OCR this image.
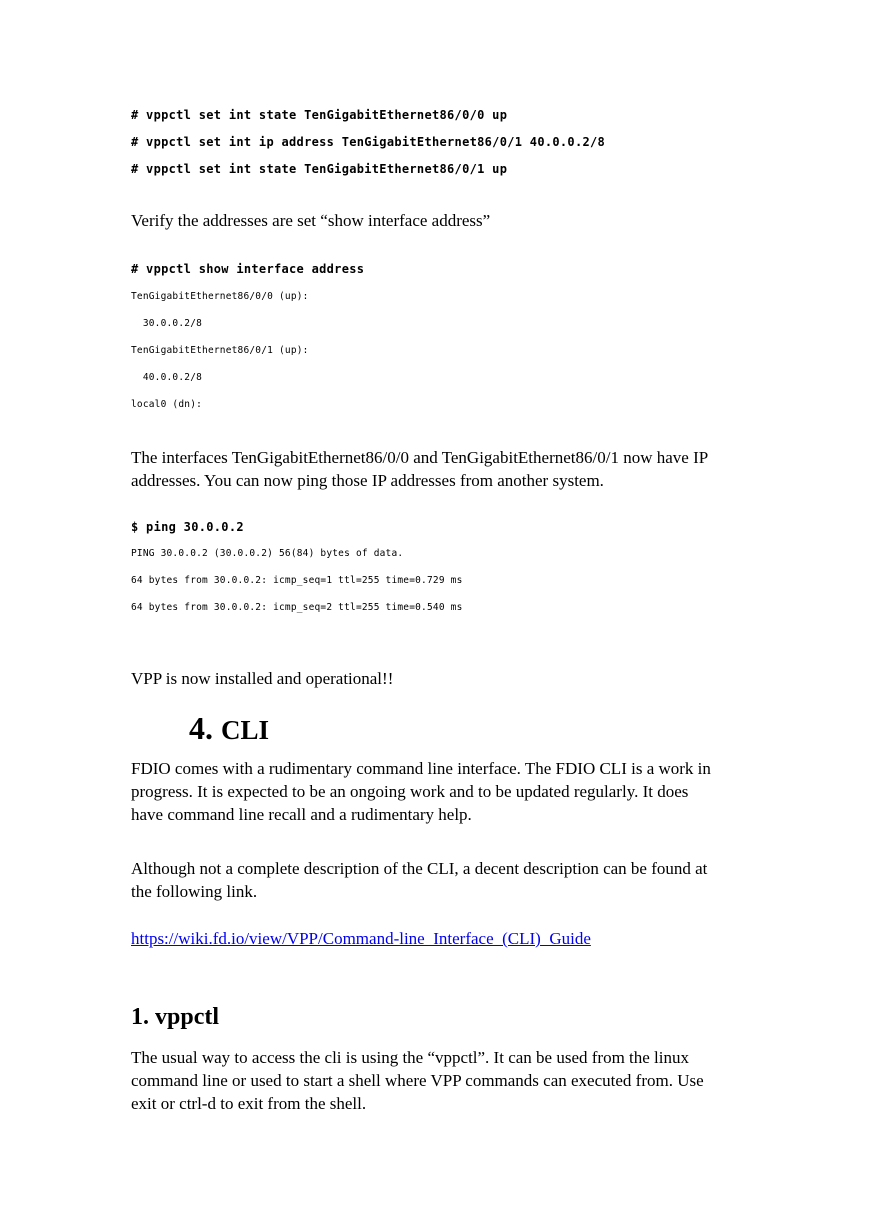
# vppctl set int state TenGigabitEthernet86/0/0 up
# vppctl set int ip address TenGigabitEthernet86/0/1 40.0.0.2/8
# vppctl set int state TenGigabitEthernet86/0/1 up
Verify the addresses are set “show interface address”
# vppctl show interface address
TenGigabitEthernet86/0/0 (up):
30.0.0.2/8
TenGigabitEthernet86/0/1 (up):
40.0.0.2/8
local0 (dn):
The interfaces TenGigabitEthernet86/0/0 and TenGigabitEthernet86/0/1 now have IP
addresses. You can now ping those IP addresses from another system.
$ ping 30.0.0.2
PING 30.0.0.2 (30.0.0.2) 56(84) bytes of data.
64 bytes from 30.0.0.2: icmp_seq=1 ttl=255 time=0.729 ms
64 bytes from 30.0.0.2: icmp_seq=2 ttl=255 time=0.540 ms
VPP is now installed and operational!!
4. CLI
FDIO comes with a rudimentary command line interface. The FDIO CLI is a work in
progress. It is expected to be an ongoing work and to be updated regularly. It does
have command line recall and a rudimentary help.
Although not a complete description of the CLI, a decent description can be found at
the following link.
https://wiki.fd.io/view/VPP/Command-line_Interface_(CLI)_Guide
1. vppctl
The usual way to access the cli is using the “vppctl”. It can be used from the linux
command line or used to start a shell where VPP commands can executed from. Use
exit or ctrl-d to exit from the shell.
